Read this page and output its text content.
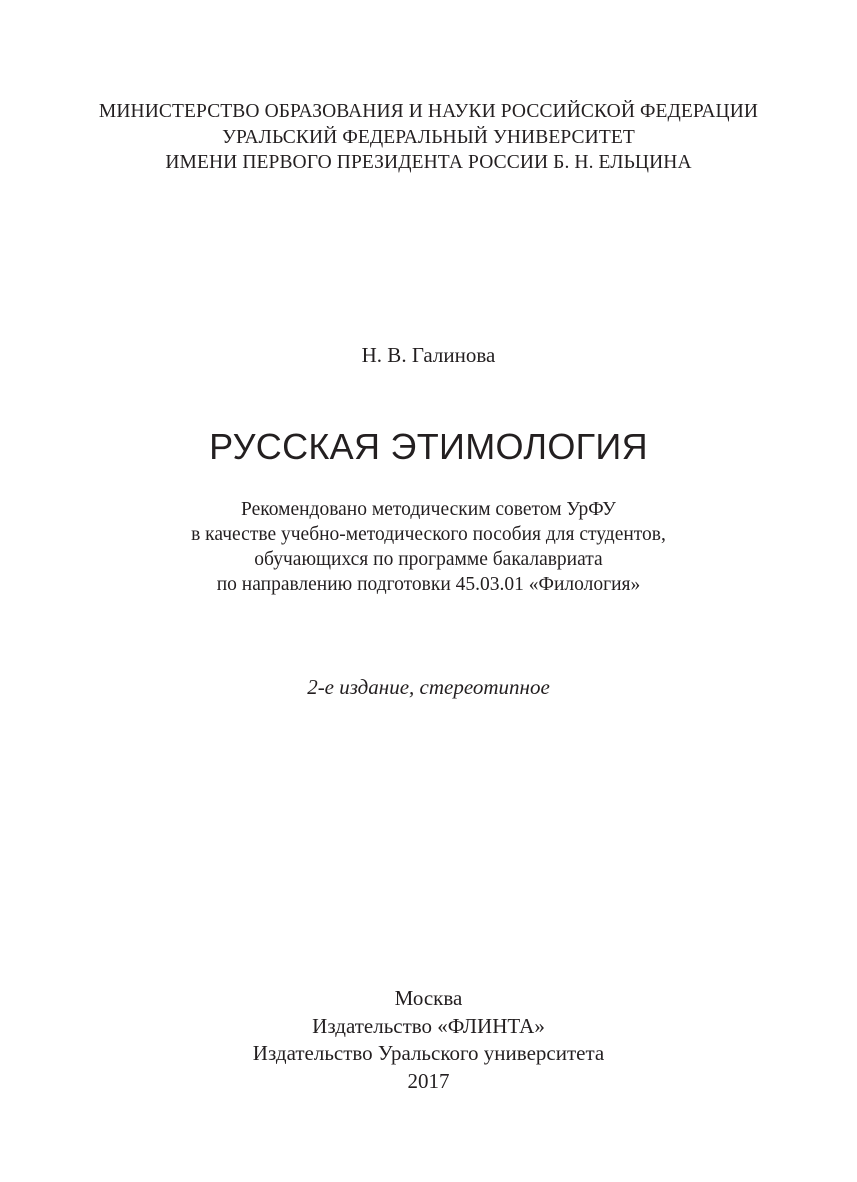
МИНИСТЕРСТВО ОБРАЗОВАНИЯ И НАУКИ РОССИЙСКОЙ ФЕДЕРАЦИИ
УРАЛЬСКИЙ ФЕДЕРАЛЬНЫЙ УНИВЕРСИТЕТ
ИМЕНИ ПЕРВОГО ПРЕЗИДЕНТА РОССИИ Б. Н. ЕЛЬЦИНА
Н. В. Галинова
РУССКАЯ ЭТИМОЛОГИЯ
Рекомендовано методическим советом УрФУ
в качестве учебно-методического пособия для студентов,
обучающихся по программе бакалавриата
по направлению подготовки 45.03.01 «Филология»
2-е издание, стереотипное
Москва
Издательство «ФЛИНТА»
Издательство Уральского университета
2017
